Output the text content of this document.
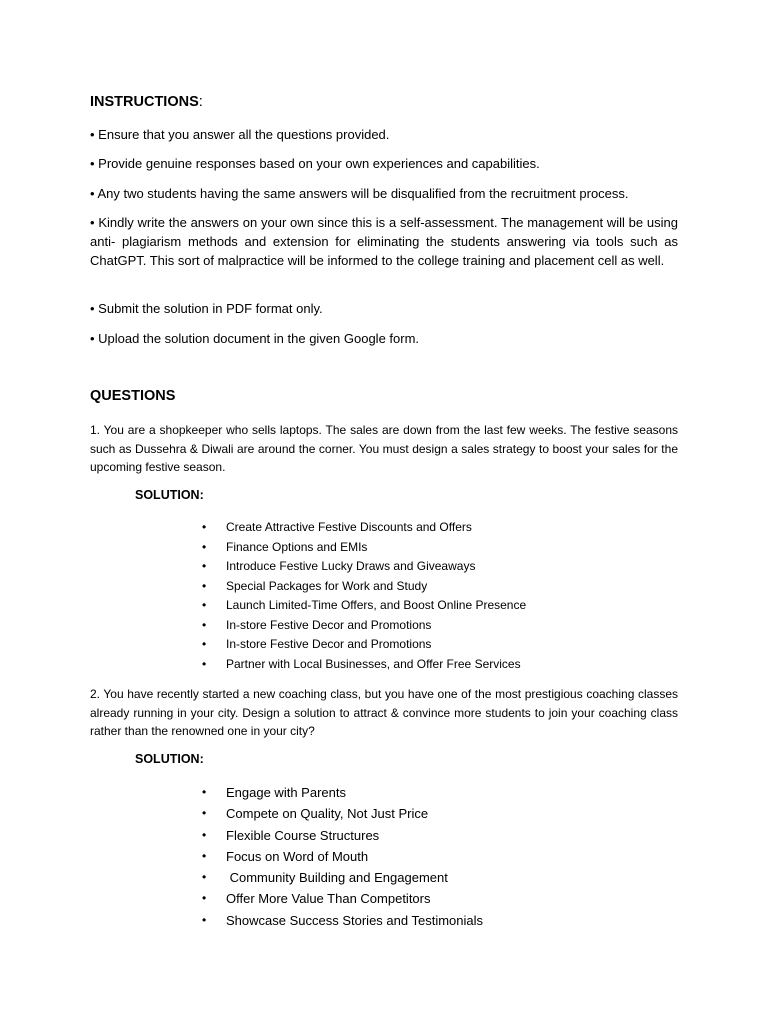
INSTRUCTIONS:
• Ensure that you answer all the questions provided.
• Provide genuine responses based on your own experiences and capabilities.
• Any two students having the same answers will be disqualified from the recruitment process.
• Kindly write the answers on your own since this is a self-assessment. The management will be using anti- plagiarism methods and extension for eliminating the students answering via tools such as ChatGPT. This sort of malpractice will be informed to the college training and placement cell as well.
• Submit the solution in PDF format only.
• Upload the solution document in the given Google form.
QUESTIONS
1. You are a shopkeeper who sells laptops. The sales are down from the last few weeks. The festive seasons such as Dussehra & Diwali are around the corner. You must design a sales strategy to boost your sales for the upcoming festive season.
SOLUTION:
• Create Attractive Festive Discounts and Offers
• Finance Options and EMIs
• Introduce Festive Lucky Draws and Giveaways
• Special Packages for Work and Study
• Launch Limited-Time Offers, and Boost Online Presence
• In-store Festive Decor and Promotions
• In-store Festive Decor and Promotions
• Partner with Local Businesses, and Offer Free Services
2. You have recently started a new coaching class, but you have one of the most prestigious coaching classes already running in your city. Design a solution to attract & convince more students to join your coaching class rather than the renowned one in your city?
SOLUTION:
• Engage with Parents
• Compete on Quality, Not Just Price
• Flexible Course Structures
• Focus on Word of Mouth
• Community Building and Engagement
• Offer More Value Than Competitors
• Showcase Success Stories and Testimonials
